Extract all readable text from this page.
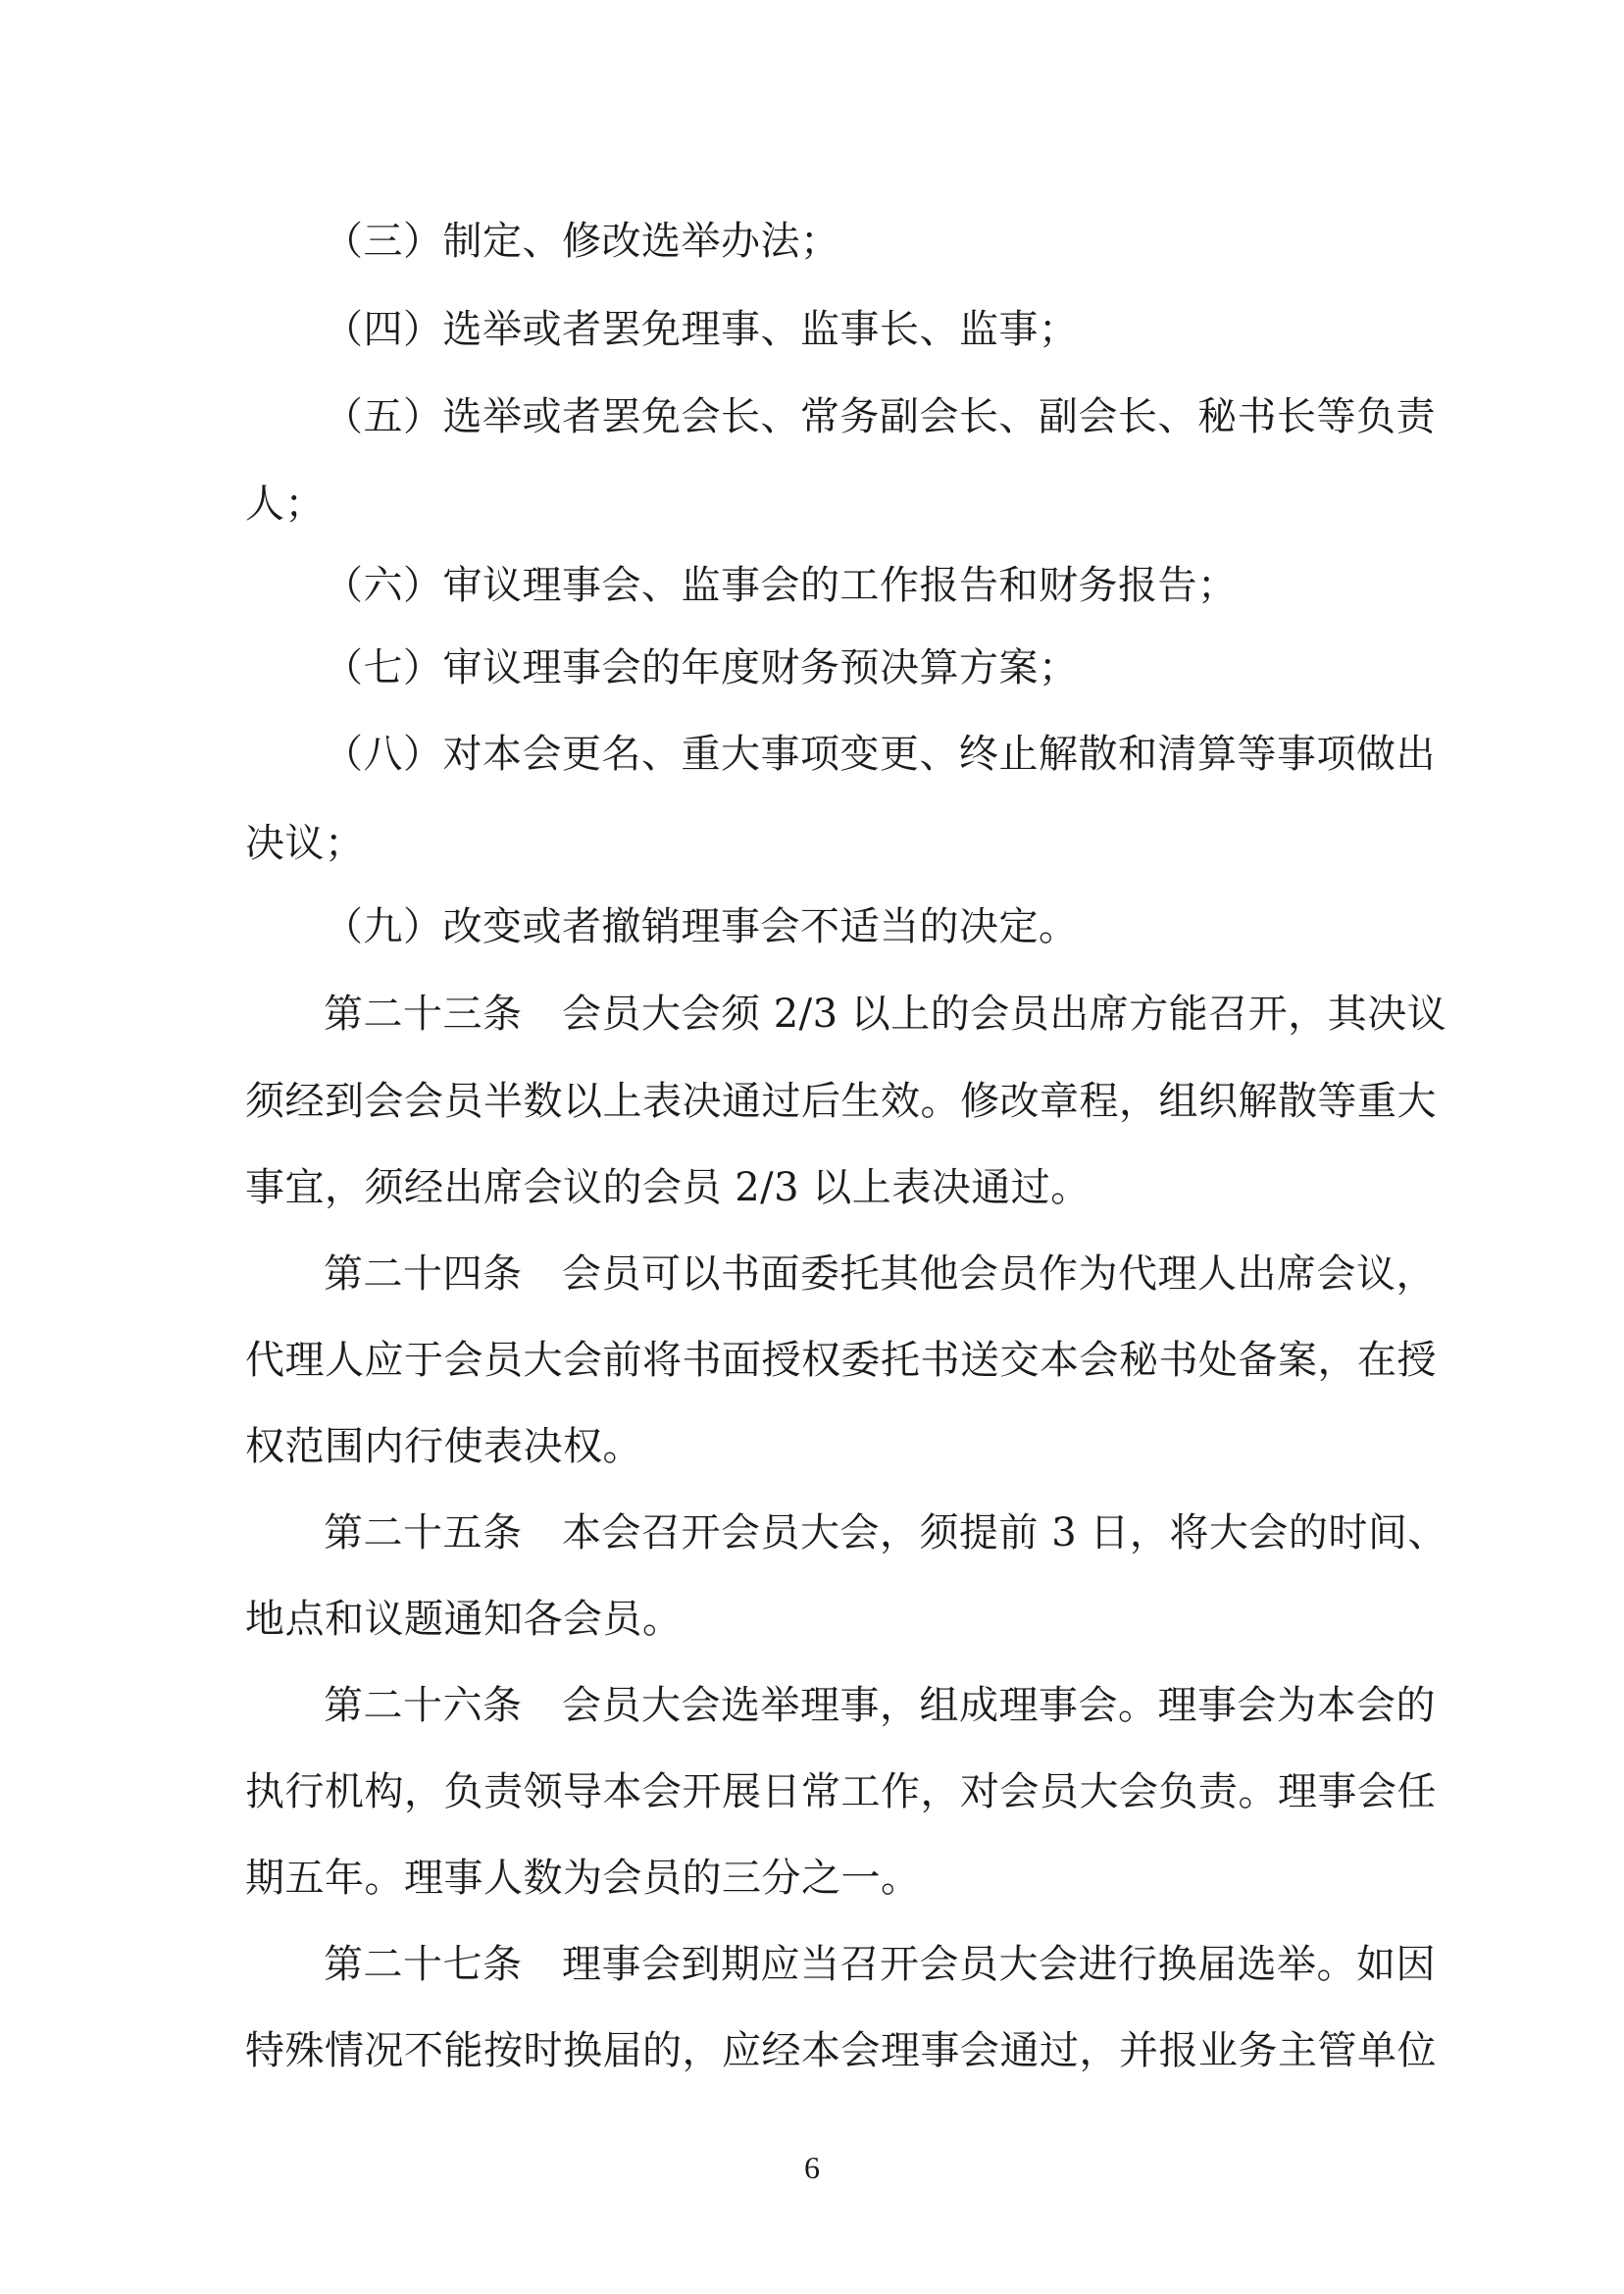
（三）制定、修改选举办法；
（四）选举或者罢免理事、监事长、监事；
（五）选举或者罢免会长、常务副会长、副会长、秘书长等负责
人；
（六）审议理事会、监事会的工作报告和财务报告；
（七）审议理事会的年度财务预决算方案；
（八）对本会更名、重大事项变更、终止解散和清算等事项做出
决议；
（九）改变或者撤销理事会不适当的决定。
第二十三条　会员大会须 2/3 以上的会员出席方能召开，其决议
须经到会会员半数以上表决通过后生效。修改章程，组织解散等重大
事宜，须经出席会议的会员 2/3 以上表决通过。
第二十四条　会员可以书面委托其他会员作为代理人出席会议，
代理人应于会员大会前将书面授权委托书送交本会秘书处备案，在授
权范围内行使表决权。
第二十五条　本会召开会员大会，须提前 3 日，将大会的时间、
地点和议题通知各会员。
第二十六条　会员大会选举理事，组成理事会。理事会为本会的
执行机构，负责领导本会开展日常工作，对会员大会负责。理事会任
期五年。理事人数为会员的三分之一。
第二十七条　理事会到期应当召开会员大会进行换届选举。如因
特殊情况不能按时换届的，应经本会理事会通过，并报业务主管单位
6
